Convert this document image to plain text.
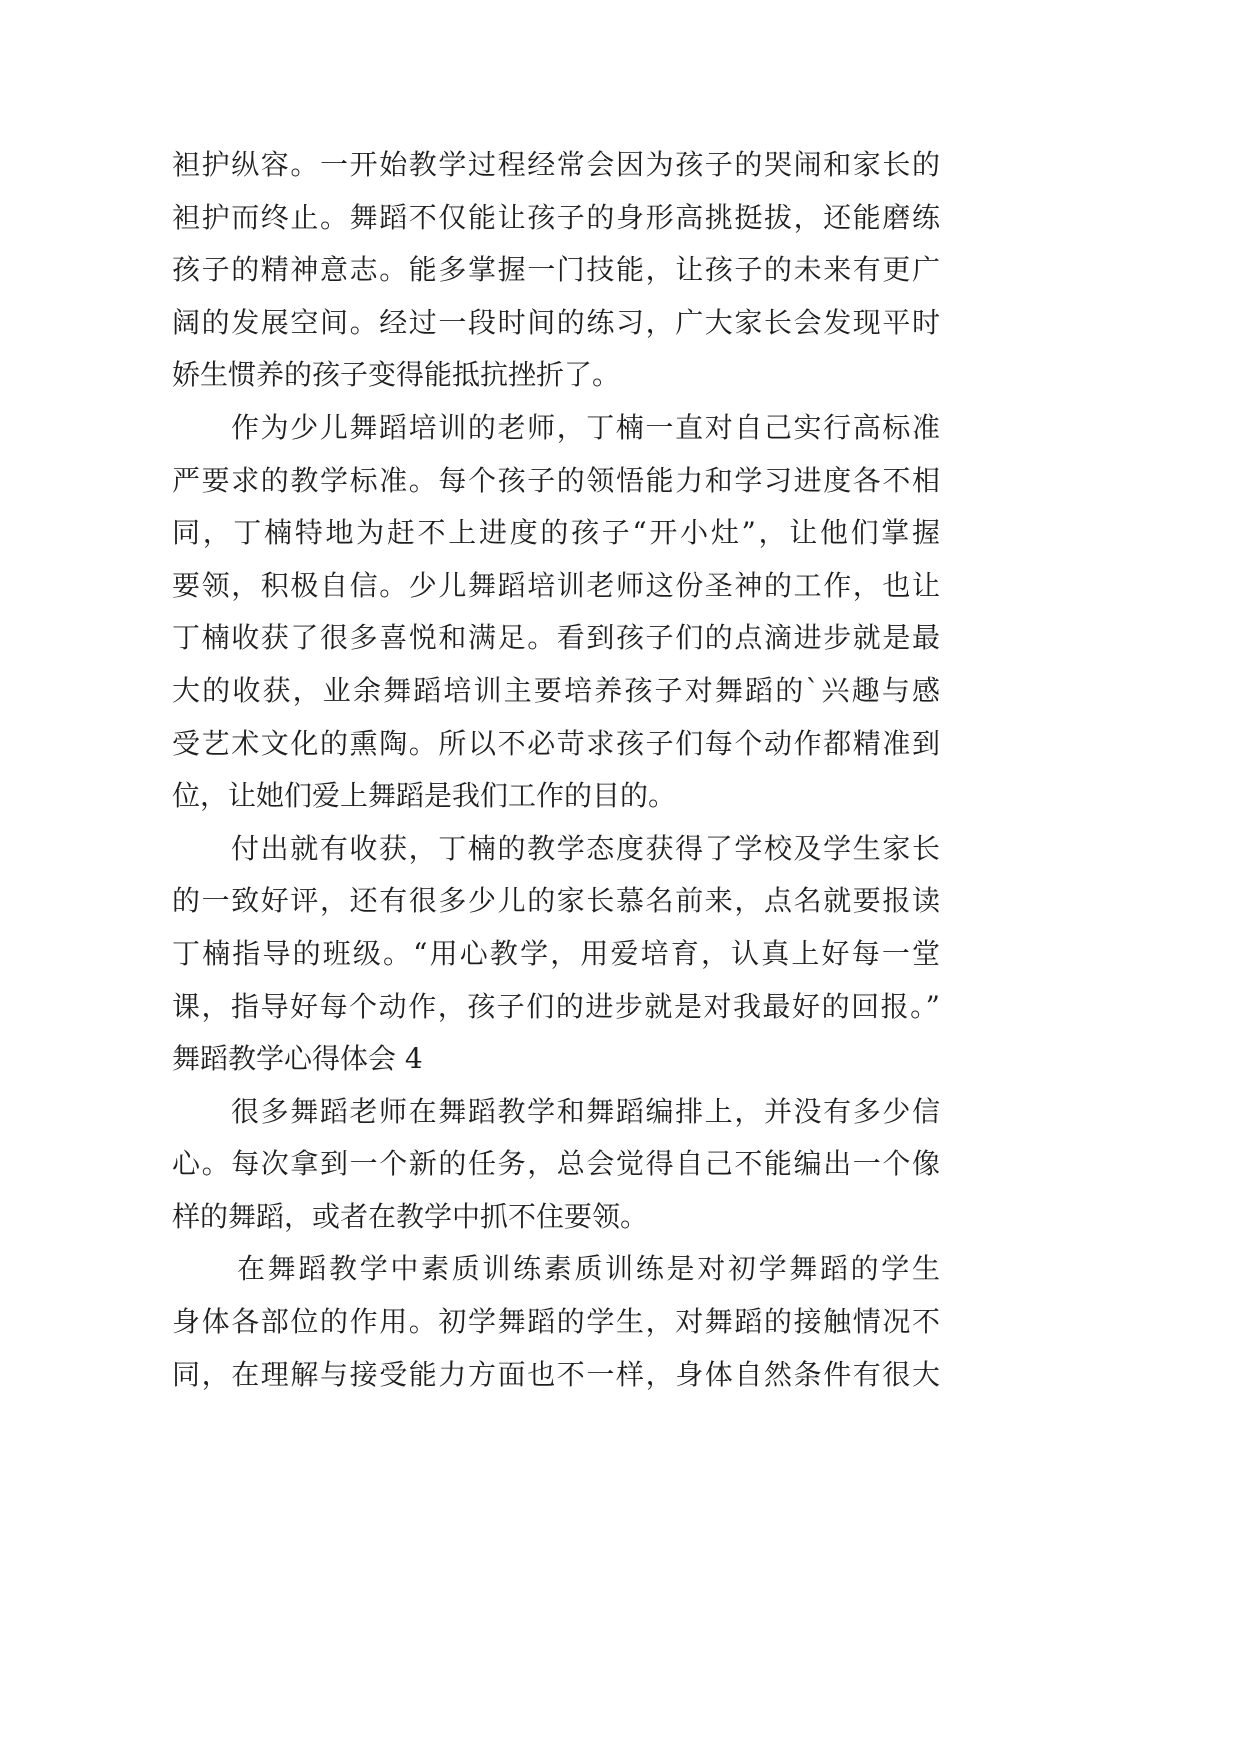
袒护纵容。一开始教学过程经常会因为孩子的哭闹和家长的
袒护而终止。舞蹈不仅能让孩子的身形高挑挺拔，还能磨练
孩子的精神意志。能多掌握一门技能，让孩子的未来有更广
阔的发展空间。经过一段时间的练习，广大家长会发现平时
娇生惯养的孩子变得能抵抗挫折了。
作为少儿舞蹈培训的老师，丁楠一直对自己实行高标准
严要求的教学标准。每个孩子的领悟能力和学习进度各不相
同，丁楠特地为赶不上进度的孩子“开小灶”，让他们掌握
要领，积极自信。少儿舞蹈培训老师这份圣神的工作，也让
丁楠收获了很多喜悦和满足。看到孩子们的点滴进步就是最
大的收获，业余舞蹈培训主要培养孩子对舞蹈的`兴趣与感
受艺术文化的熏陶。所以不必苛求孩子们每个动作都精准到
位，让她们爱上舞蹈是我们工作的目的。
付出就有收获，丁楠的教学态度获得了学校及学生家长
的一致好评，还有很多少儿的家长慕名前来，点名就要报读
丁楠指导的班级。“用心教学，用爱培育，认真上好每一堂
课，指导好每个动作，孩子们的进步就是对我最好的回报。”
舞蹈教学心得体会 4
很多舞蹈老师在舞蹈教学和舞蹈编排上，并没有多少信
心。每次拿到一个新的任务，总会觉得自己不能编出一个像
样的舞蹈，或者在教学中抓不住要领。
在舞蹈教学中素质训练素质训练是对初学舞蹈的学生
身体各部位的作用。初学舞蹈的学生，对舞蹈的接触情况不
同，在理解与接受能力方面也不一样，身体自然条件有很大
